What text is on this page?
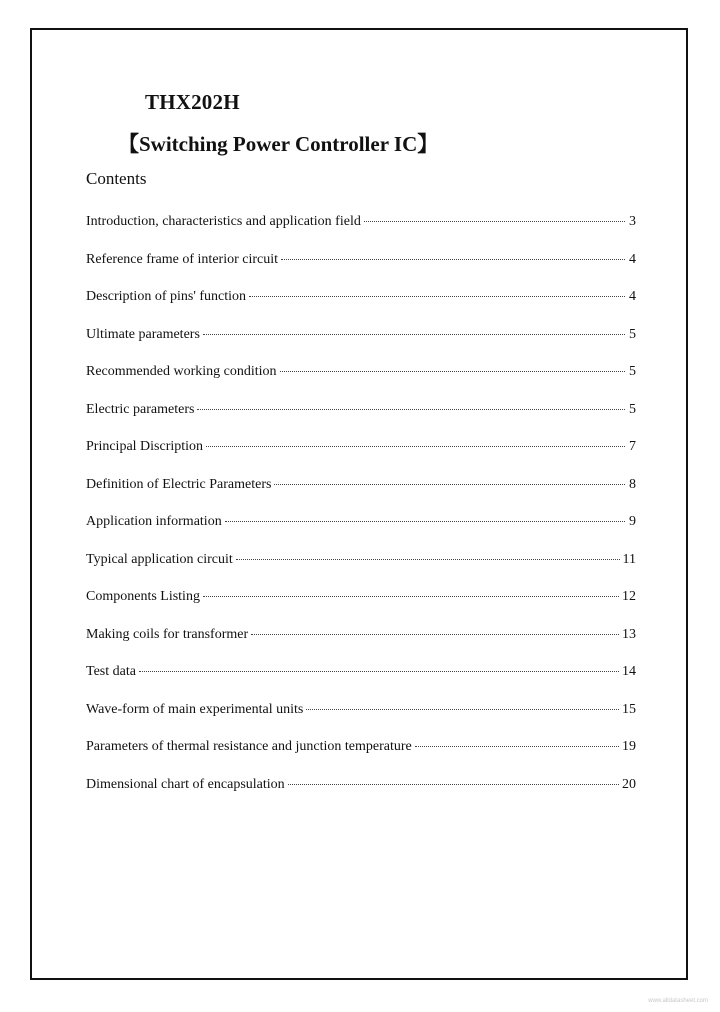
THX202H
【Switching Power Controller IC】
Contents
Introduction, characteristics and application field	3
Reference frame of interior circuit	4
Description of pins' function	4
Ultimate parameters	5
Recommended working condition	5
Electric parameters	5
Principal Discription	7
Definition of Electric Parameters	8
Application information	9
Typical application circuit	11
Components Listing	12
Making coils for transformer	13
Test data	14
Wave-form of main experimental units	15
Parameters of thermal resistance and junction temperature	19
Dimensional chart of encapsulation	20
www.alldatasheet.com
